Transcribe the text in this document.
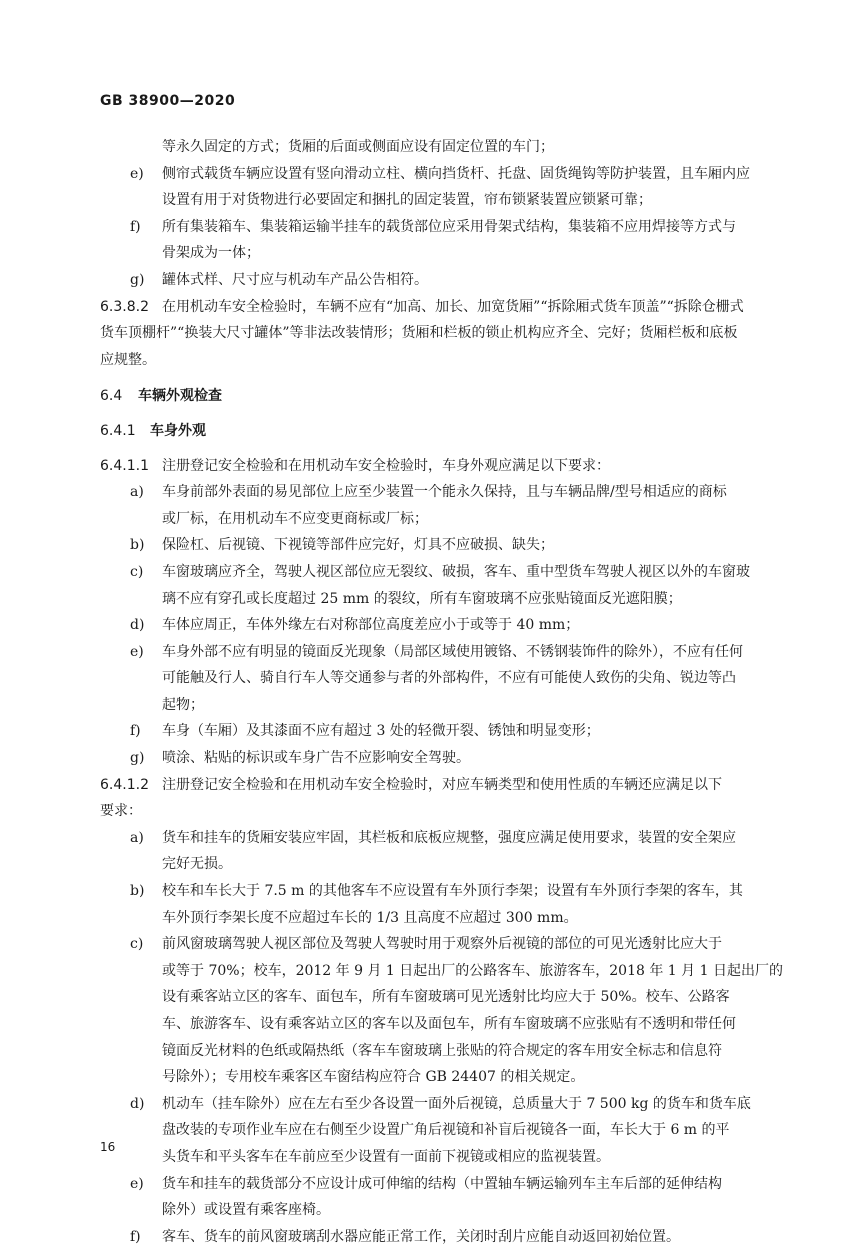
GB 38900—2020
等永久固定的方式；货厢的后面或侧面应设有固定位置的车门；
e) 侧帘式载货车辆应设置有竖向滑动立柱、横向挡货杆、托盘、固货绳钩等防护装置，且车厢内应
设置有用于对货物进行必要固定和捆扎的固定装置，帘布锁紧装置应锁紧可靠；
f) 所有集装箱车、集装箱运输半挂车的载货部位应采用骨架式结构，集装箱不应用焊接等方式与
骨架成为一体；
g) 罐体式样、尺寸应与机动车产品公告相符。
6.3.8.2 在用机动车安全检验时，车辆不应有“加高、加长、加宽货厢”“拆除厢式货车顶盖”“拆除仓栅式
货车顶棚杆”“换装大尺寸罐体”等非法改装情形；货厢和栏板的锁止机构应齐全、完好；货厢栏板和底板
应规整。
6.4 车辆外观检查
6.4.1 车身外观
6.4.1.1 注册登记安全检验和在用机动车安全检验时，车身外观应满足以下要求：
a) 车身前部外表面的易见部位上应至少装置一个能永久保持，且与车辆品牌/型号相适应的商标
或厂标，在用机动车不应变更商标或厂标；
b) 保险杠、后视镜、下视镜等部件应完好，灯具不应破损、缺失；
c) 车窗玻璃应齐全，驾驶人视区部位应无裂纹、破损，客车、重中型货车驾驶人视区以外的车窗玻
璃不应有穿孔或长度超过 25 mm 的裂纹，所有车窗玻璃不应张贴镜面反光遮阳膜；
d) 车体应周正，车体外缘左右对称部位高度差应小于或等于 40 mm；
e) 车身外部不应有明显的镜面反光现象（局部区域使用镀铬、不锈钢装饰件的除外），不应有任何
可能触及行人、骑自行车人等交通参与者的外部构件，不应有可能使人致伤的尖角、锐边等凸
起物；
f) 车身（车厢）及其漆面不应有超过 3 处的轻微开裂、锈蚀和明显变形；
g) 喷涂、粘贴的标识或车身广告不应影响安全驾驶。
6.4.1.2 注册登记安全检验和在用机动车安全检验时，对应车辆类型和使用性质的车辆还应满足以下
要求：
a) 货车和挂车的货厢安装应牢固，其栏板和底板应规整，强度应满足使用要求，装置的安全架应
完好无损。
b) 校车和车长大于 7.5 m 的其他客车不应设置有车外顶行李架；设置有车外顶行李架的客车，其
车外顶行李架长度不应超过车长的 1/3 且高度不应超过 300 mm。
c) 前风窗玻璃驾驶人视区部位及驾驶人驾驶时用于观察外后视镜的部位的可见光透射比应大于
或等于 70%；校车，2012 年 9 月 1 日起出厂的公路客车、旅游客车，2018 年 1 月 1 日起出厂的
设有乘客站立区的客车、面包车，所有车窗玻璃可见光透射比均应大于 50%。校车、公路客
车、旅游客车、设有乘客站立区的客车以及面包车，所有车窗玻璃不应张贴有不透明和带任何
镜面反光材料的色纸或隔热纸（客车车窗玻璃上张贴的符合规定的客车用安全标志和信息符
号除外）；专用校车乘客区车窗结构应符合 GB 24407 的相关规定。
d) 机动车（挂车除外）应在左右至少各设置一面外后视镜，总质量大于 7 500 kg 的货车和货车底
盘改装的专项作业车应在右侧至少设置广角后视镜和补盲后视镜各一面，车长大于 6 m 的平
头货车和平头客车在车前应至少设置有一面前下视镜或相应的监视装置。
e) 货车和挂车的载货部分不应设计成可伸缩的结构（中置轴车辆运输列车主车后部的延伸结构
除外）或设置有乘客座椅。
f) 客车、货车的前风窗玻璃刮水器应能正常工作，关闭时刮片应能自动返回初始位置。
16
